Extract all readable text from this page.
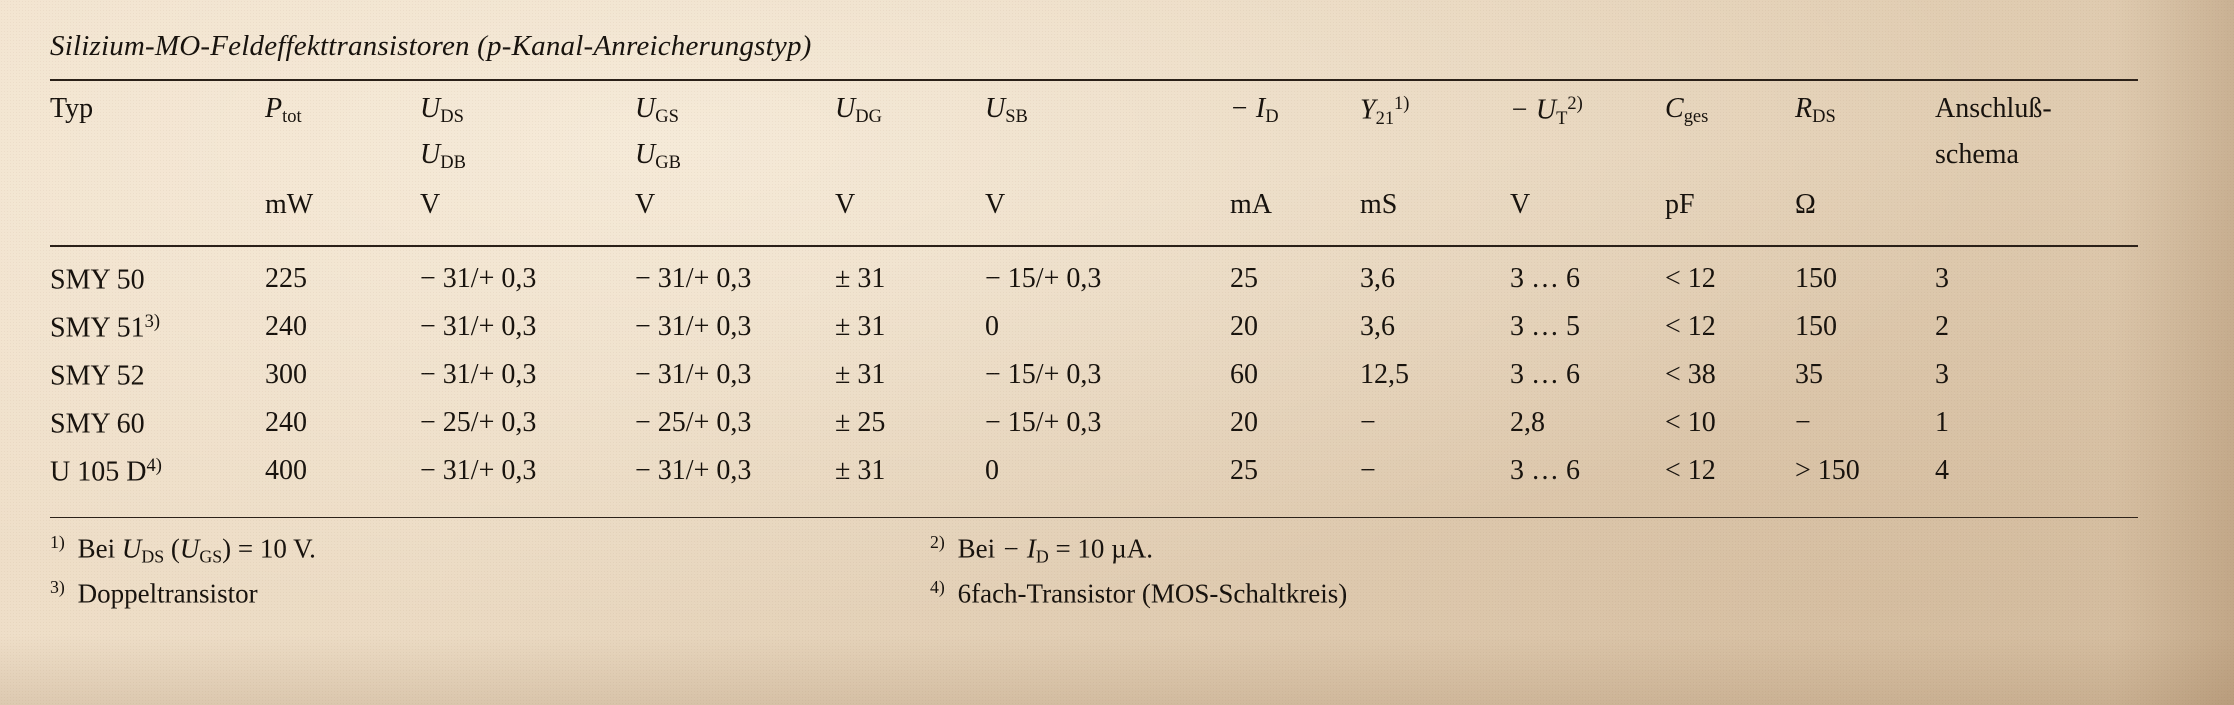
Silizium-MO-Feldeffekttransistoren (p-Kanal-Anreicherungstyp)
Typ	$P_{tot}$	$U_{DS}$	$U_{GS}$	$U_{DG}$	$U_{SB}$	− $I_D$	$Y_{21}^{1)}$	− $U_T^{2)}$	$C_{ges}$	$R_{DS}$	Anschluß-
		$U_{DB}$	$U_{GB}$								schema
	mW	V	V	V	V	mA	mS	V	pF	Ω	
SMY 50	225	− 31/+ 0,3	− 31/+ 0,3	± 31	− 15/+ 0,3	25	3,6	3 … 6	< 12	150	3
SMY 51$^{3)}$	240	− 31/+ 0,3	− 31/+ 0,3	± 31	0	20	3,6	3 … 5	< 12	150	2
SMY 52	300	− 31/+ 0,3	− 31/+ 0,3	± 31	− 15/+ 0,3	60	12,5	3 … 6	< 38	35	3
SMY 60	240	− 25/+ 0,3	− 25/+ 0,3	± 25	− 15/+ 0,3	20	−	2,8	< 10	−	1
U 105 $D^{4)}$	400	− 31/+ 0,3	− 31/+ 0,3	± 31	0	25	−	3 … 6	< 12	> 150	4
$^{1)}$ Bei $U_{DS}$ $(U_{GS}) = 10$ V.	$^{2)}$ Bei − $I_D = 10$ µA.
$^{3)}$ Doppeltransistor	$^{4)}$ 6fach-Transistor (MOS-Schaltkreis)
